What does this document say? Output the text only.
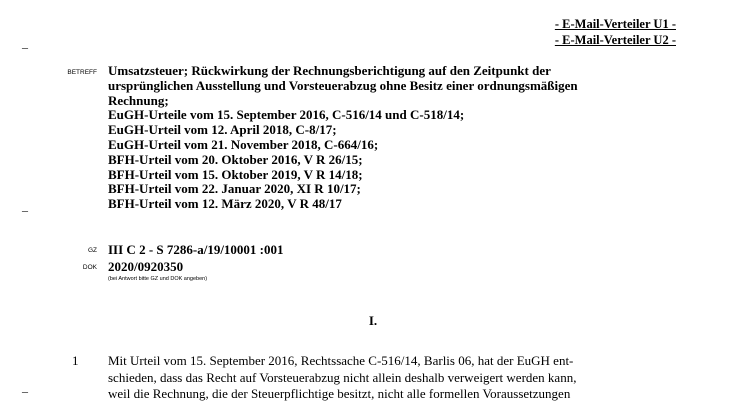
- E-Mail-Verteiler U1 -
- E-Mail-Verteiler U2 -
–
–
–
BETREFF Umsatzsteuer; Rückwirkung der Rechnungsberichtigung auf den Zeitpunkt der
ursprünglichen Ausstellung und Vorsteuerabzug ohne Besitz einer ordnungsmäßigen
Rechnung;
EuGH-Urteile vom 15. September 2016, C-516/14 und C-518/14;
EuGH-Urteil vom 12. April 2018, C-8/17;
EuGH-Urteil vom 21. November 2018, C-664/16;
BFH-Urteil vom 20. Oktober 2016, V R 26/15;
BFH-Urteil vom 15. Oktober 2019, V R 14/18;
BFH-Urteil vom 22. Januar 2020, XI R 10/17;
BFH-Urteil vom 12. März 2020, V R 48/17
GZ III C 2 - S 7286-a/19/10001 :001
DOK 2020/0920350
(bei Antwort bitte GZ und DOK angeben)
I.
1 Mit Urteil vom 15. September 2016, Rechtssache C-516/14, Barlis 06, hat der EuGH ent-
schieden, dass das Recht auf Vorsteuerabzug nicht allein deshalb verweigert werden kann,
weil die Rechnung, die der Steuerpflichtige besitzt, nicht alle formellen Voraussetzungen
